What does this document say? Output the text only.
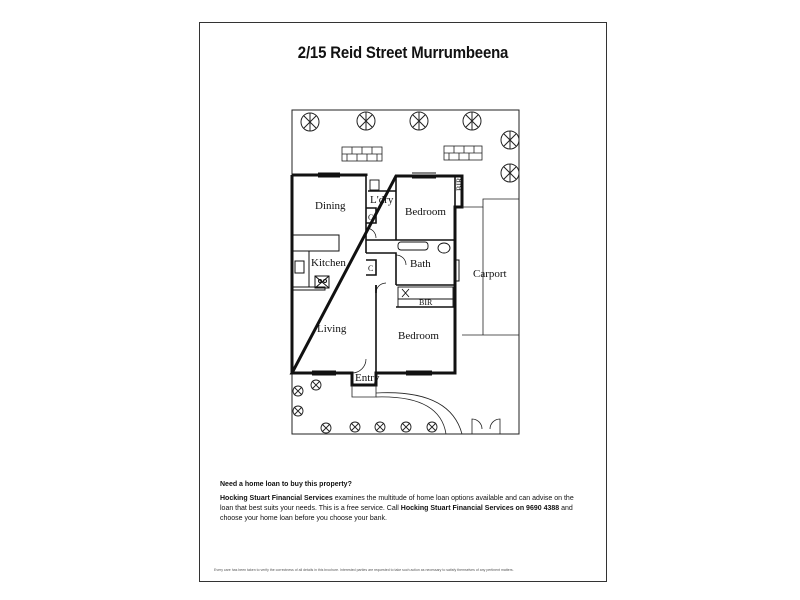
2/15 Reid Street Murrumbeena
Dining L'dry
Bedroom
BIR
C
Kitchen	C	Bath
Carport
BIR
Living
Bedroom
Entry
Need a home loan to buy this property?
Hocking Stuart Financial Services examines the multitude of home loan options available and can advise on the loan that best suits your needs. This is a free service. Call Hocking Stuart Financial Services on 9690 4388 and choose your home loan before you choose your bank.
Every care has been taken to verify the correctness of all details in this brochure. Interested parties are requested to take such action as necessary to satisfy themselves of any pertinent matters.
